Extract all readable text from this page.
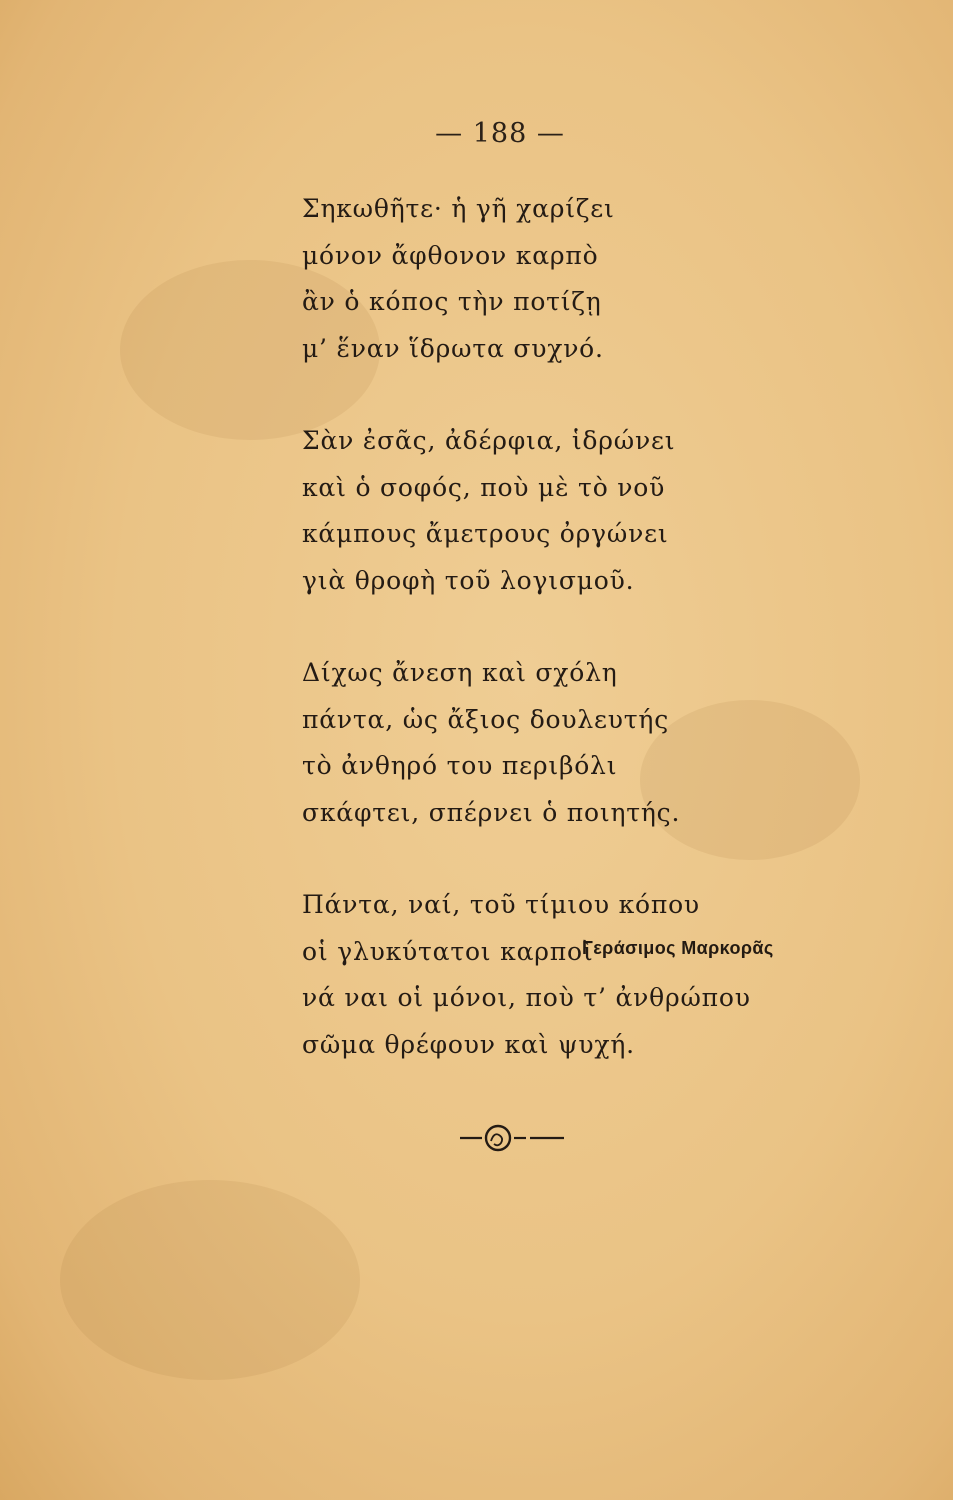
— 188 —
Σηκωθῆτε· ἡ γῆ χαρίζει
μόνον ἄφθονον καρπὸ
ἂν ὁ κόπος τὴν ποτίζῃ
μ’ ἕναν ἵδρωτα συχνό.
Σὰν ἐσᾶς, ἀδέρφια, ἱδρώνει
καὶ ὁ σοφός, ποὺ μὲ τὸ νοῦ
κάμπους ἄμετρους ὀργώνει
γιὰ θροφὴ τοῦ λογισμοῦ.
Δίχως ἄνεση καὶ σχόλη
πάντα, ὡς ἄξιος δουλευτής
τὸ ἀνθηρό του περιβόλι
σκάφτει, σπέρνει ὁ ποιητής.
Πάντα, ναί, τοῦ τίμιου κόπου
οἱ γλυκύτατοι καρποὶ
νά ναι οἱ μόνοι, ποὺ τ’ ἀνθρώπου
σῶμα θρέφουν καὶ ψυχή.
Γεράσιμος Μαρκορᾶς
